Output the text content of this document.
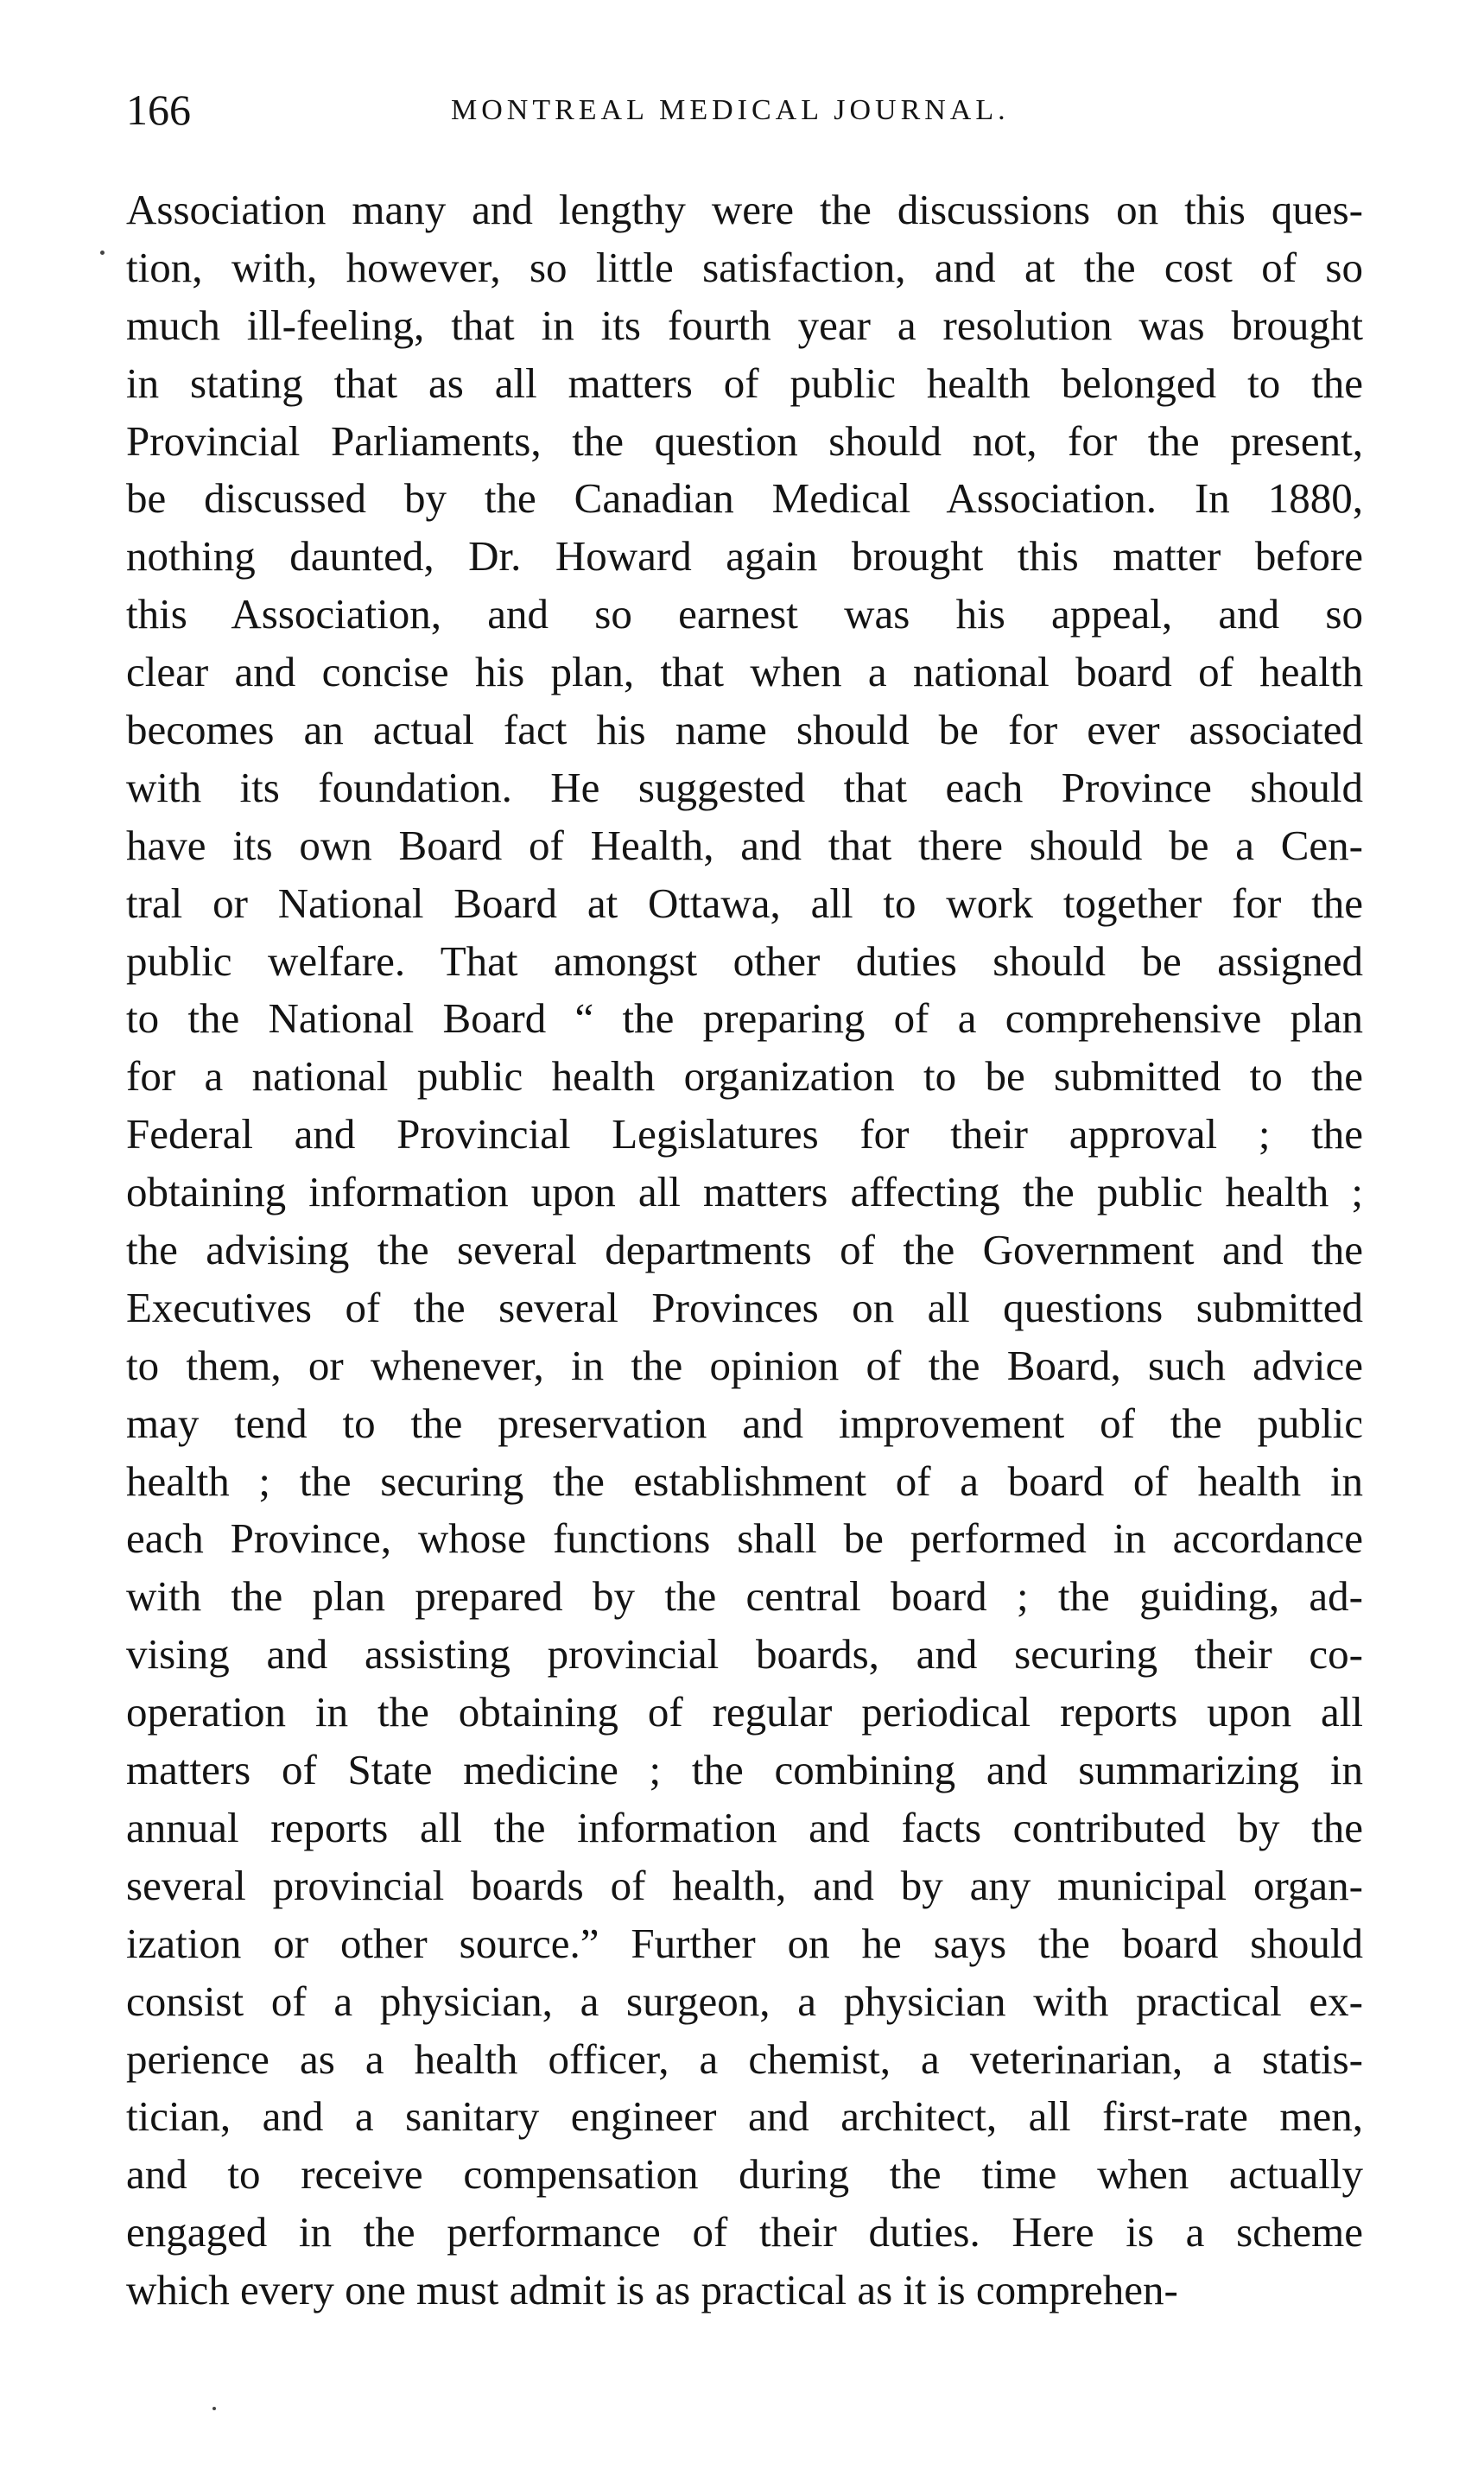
166	MONTREAL MEDICAL JOURNAL.
Association many and lengthy were the discussions on this ques-
tion, with, however, so little satisfaction, and at the cost of so
much ill-feeling, that in its fourth year a resolution was brought
in stating that as all matters of public health belonged to the
Provincial Parliaments, the question should not, for the present,
be discussed by the Canadian Medical Association. In 1880,
nothing daunted, Dr. Howard again brought this matter before
this Association, and so earnest was his appeal, and so
clear and concise his plan, that when a national board of health
becomes an actual fact his name should be for ever associated
with its foundation. He suggested that each Province should
have its own Board of Health, and that there should be a Cen-
tral or National Board at Ottawa, all to work together for the
public welfare. That amongst other duties should be assigned
to the National Board “ the preparing of a comprehensive plan
for a national public health organization to be submitted to the
Federal and Provincial Legislatures for their approval ; the
obtaining information upon all matters affecting the public health ;
the advising the several departments of the Government and the
Executives of the several Provinces on all questions submitted
to them, or whenever, in the opinion of the Board, such advice
may tend to the preservation and improvement of the public
health ; the securing the establishment of a board of health in
each Province, whose functions shall be performed in accordance
with the plan prepared by the central board ; the guiding, ad-
vising and assisting provincial boards, and securing their co-
operation in the obtaining of regular periodical reports upon all
matters of State medicine ; the combining and summarizing in
annual reports all the information and facts contributed by the
several provincial boards of health, and by any municipal organ-
ization or other source.” Further on he says the board should
consist of a physician, a surgeon, a physician with practical ex-
perience as a health officer, a chemist, a veterinarian, a statis-
tician, and a sanitary engineer and architect, all first-rate men,
and to receive compensation during the time when actually
engaged in the performance of their duties. Here is a scheme
which every one must admit is as practical as it is comprehen-
